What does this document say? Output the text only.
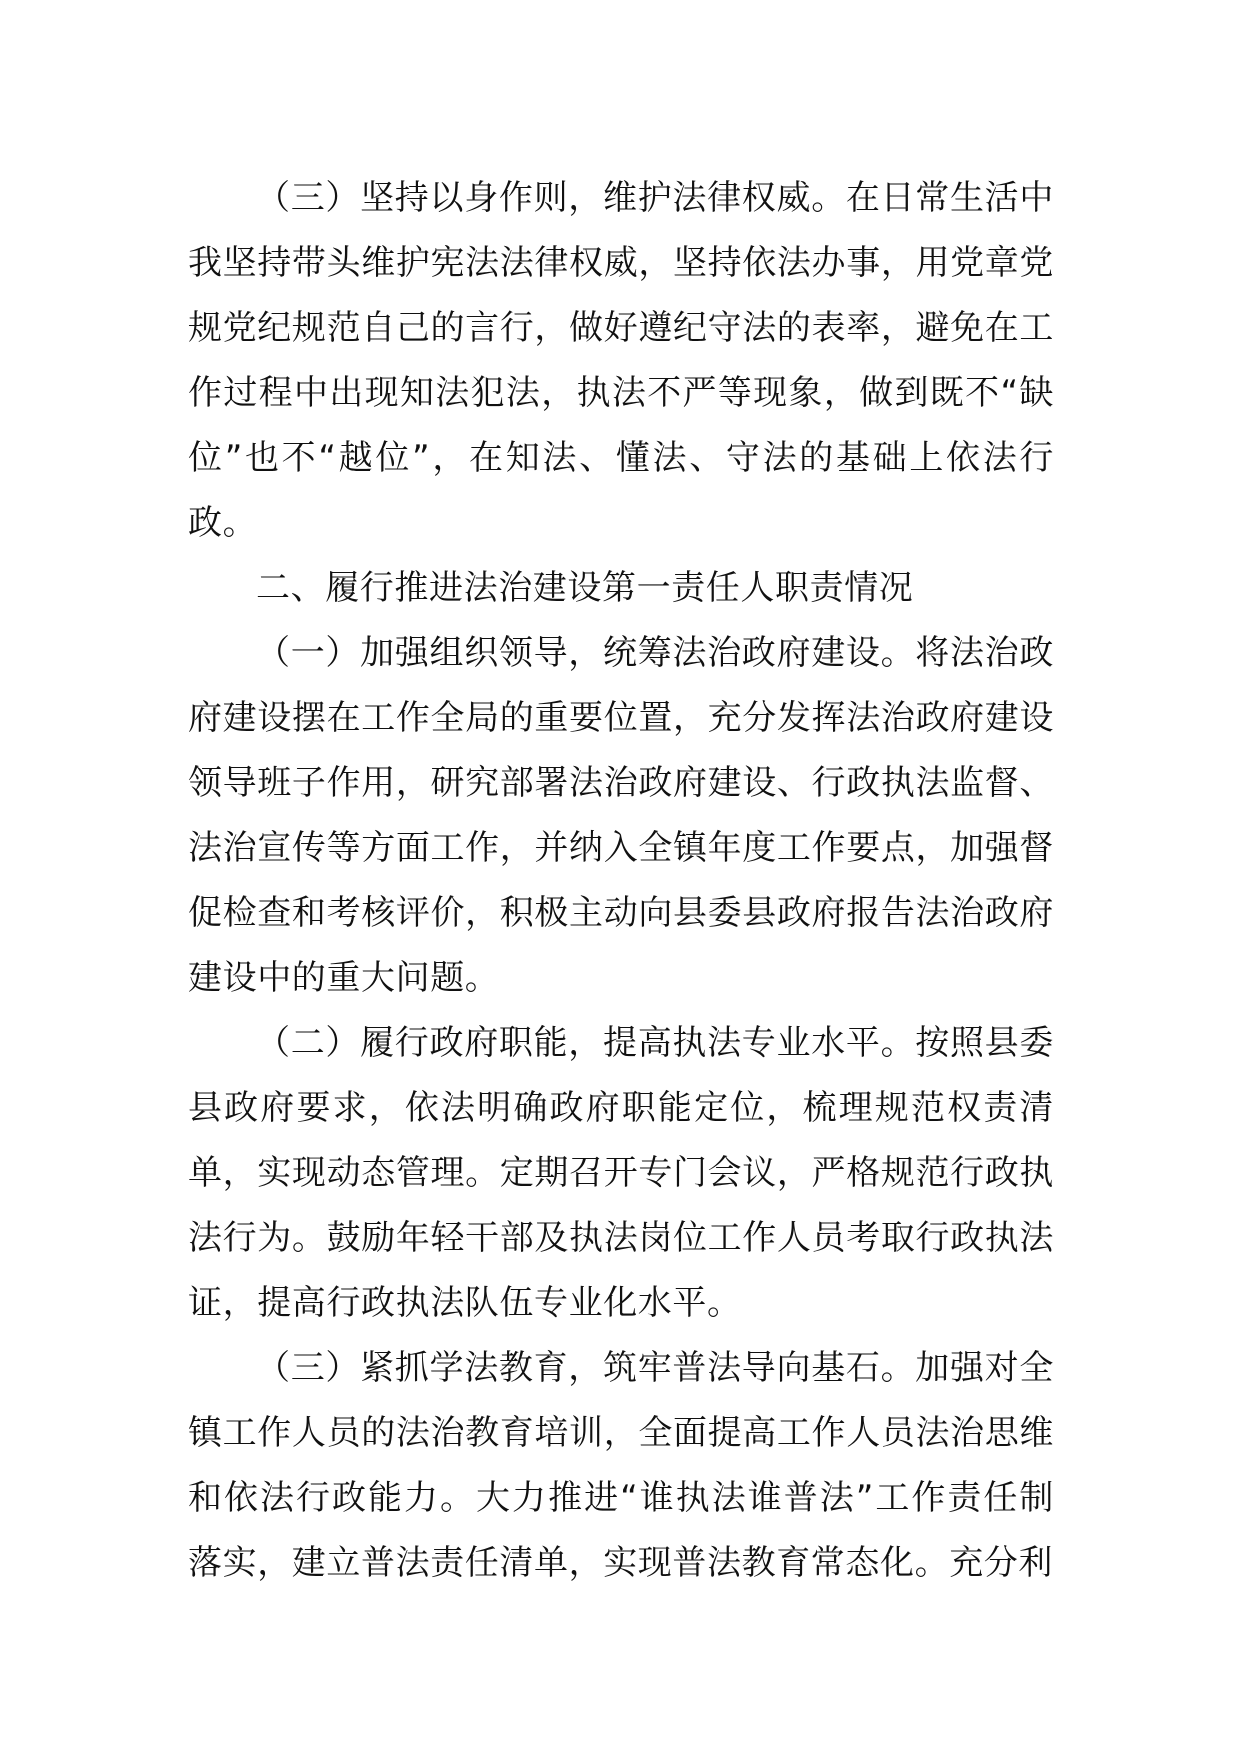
（三）坚持以身作则，维护法律权威。在日常生活中我坚持带头维护宪法法律权威，坚持依法办事，用党章党规党纪规范自己的言行，做好遵纪守法的表率，避免在工作过程中出现知法犯法，执法不严等现象，做到既不“缺位”也不“越位”，在知法、懂法、守法的基础上依法行政。

二、履行推进法治建设第一责任人职责情况

（一）加强组织领导，统筹法治政府建设。将法治政府建设摆在工作全局的重要位置，充分发挥法治政府建设领导班子作用，研究部署法治政府建设、行政执法监督、法治宣传等方面工作，并纳入全镇年度工作要点，加强督促检查和考核评价，积极主动向县委县政府报告法治政府建设中的重大问题。

（二）履行政府职能，提高执法专业水平。按照县委县政府要求，依法明确政府职能定位，梳理规范权责清单，实现动态管理。定期召开专门会议，严格规范行政执法行为。鼓励年轻干部及执法岗位工作人员考取行政执法证，提高行政执法队伍专业化水平。

（三）紧抓学法教育，筑牢普法导向基石。加强对全镇工作人员的法治教育培训，全面提高工作人员法治思维和依法行政能力。大力推进“谁执法谁普法”工作责任制落实，建立普法责任清单，实现普法教育常态化。充分利
